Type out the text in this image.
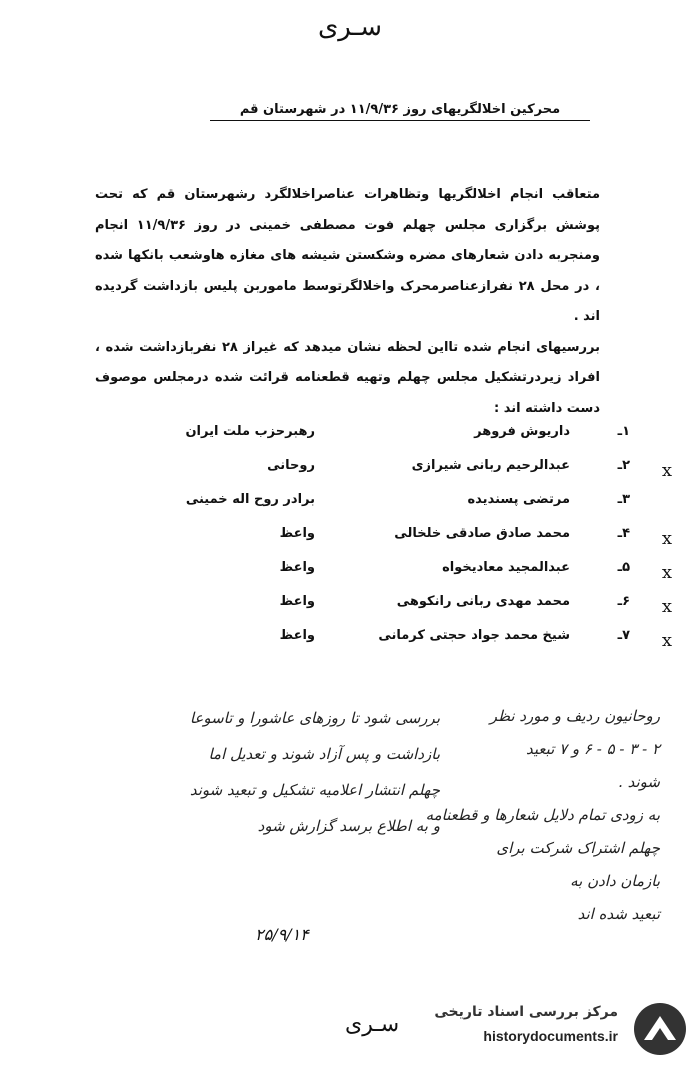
سـری
محرکین اخلالگریهای روز ۱۱/۹/۳۶ در شهرستان قم

متعاقب انجام اخلالگریها وتظاهرات عناصراخلالگرد رشهرستان قم که تحت پوشش برگزاری مجلس چهلم فوت مصطفی خمینی در روز ۱۱/۹/۳۶ انجام ومنجربه دادن شعارهای مضره وشکستن شیشه های مغازه هاوشعب بانکها شده ، در محل ۲۸ نفرازعناصرمحرک واخلالگرتوسط ماموربن پلیس بازداشت گردیده اند .

بررسیهای انجام شده تااین لحظه نشان میدهد که غیراز ۲۸ نفربازداشت شده ، افراد زیردرتشکیل مجلس چهلم وتهیه قطعنامه قرائت شده درمجلس موصوف دست داشته اند :

۱ـ
داریوش فروهر
رهبرحزب ملت ایران
۲ـ
عبدالرحیم ربانی شیرازی
روحانی	x
۳ـ
مرتضی پسندیده
برادر روح اله خمینی
۴ـ
محمد صادق صادقی خلخالی
واعظ	x
۵ـ
عبدالمجید معادیخواه
واعظ	x
۶ـ
محمد مهدی ربانی رانکوهی
واعظ	x
۷ـ
شیخ محمد جواد حجتی کرمانی
واعظ	x
روحانیون ردیف و مورد نظر
۲ - ۳ - ۵ - ۶ و ۷ تبعید
شوند .
به زودی تمام دلایل شعارها و قطعنامه
چهلم اشتراک شرکت برای
بازمان دادن به
تبعید شده اند
بررسی شود تا روزهای عاشورا و تاسوعا
بازداشت و پس آزاد شوند و تعدیل اما
چهلم انتشار اعلامیه تشکیل و تبعید شوند
و به اطلاع برسد گزارش شود
۲۵/۹/۱۴
سـری	مرکز بررسی اسناد تاریخی
historydocuments.ir
